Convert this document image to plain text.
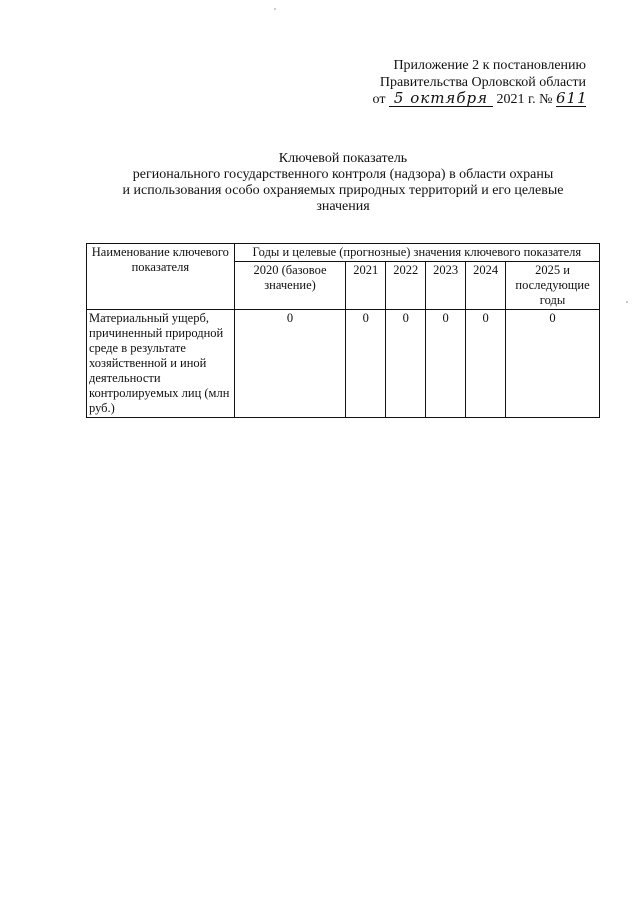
Приложение 2 к постановлению
Правительства Орловской области
от 5 октября 2021 г. № 611
Ключевой показатель
регионального государственного контроля (надзора) в области охраны
и использования особо охраняемых природных территорий и его целевые
значения
Наименование ключевого показателя	Годы и целевые (прогнозные) значения ключевого показателя					
	2020 (базовое значение)	2021	2022	2023	2024	2025 и последующие годы
Материальный ущерб, причиненный природной среде в результате хозяйственной и иной деятельности контролируемых лиц (млн руб.)	0	0	0	0	0	0
